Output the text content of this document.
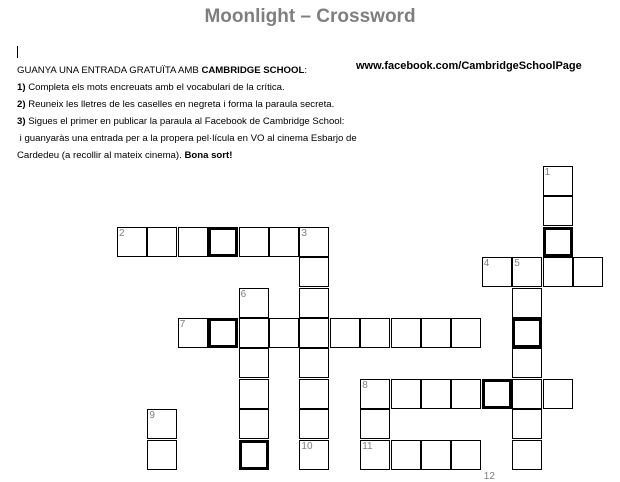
Moonlight – Crossword
GUANYA UNA ENTRADA GRATUÏTA AMB CAMBRIDGE SCHOOL:
1) Completa els mots encreuats amb el vocabulari de la crítica.
2) Reuneix les lletres de les caselles en negreta i forma la paraula secreta.
3) Sigues el primer en publicar la paraula al Facebook de Cambridge School:
i guanyaràs una entrada per a la propera pel·lícula en VO al cinema Esbarjo de
Cardedeu (a recollir al mateix cinema). Bona sort!
www.facebook.com/CambridgeSchoolPage
1
2	3
4 5
6
7
8
9
10	11
12
